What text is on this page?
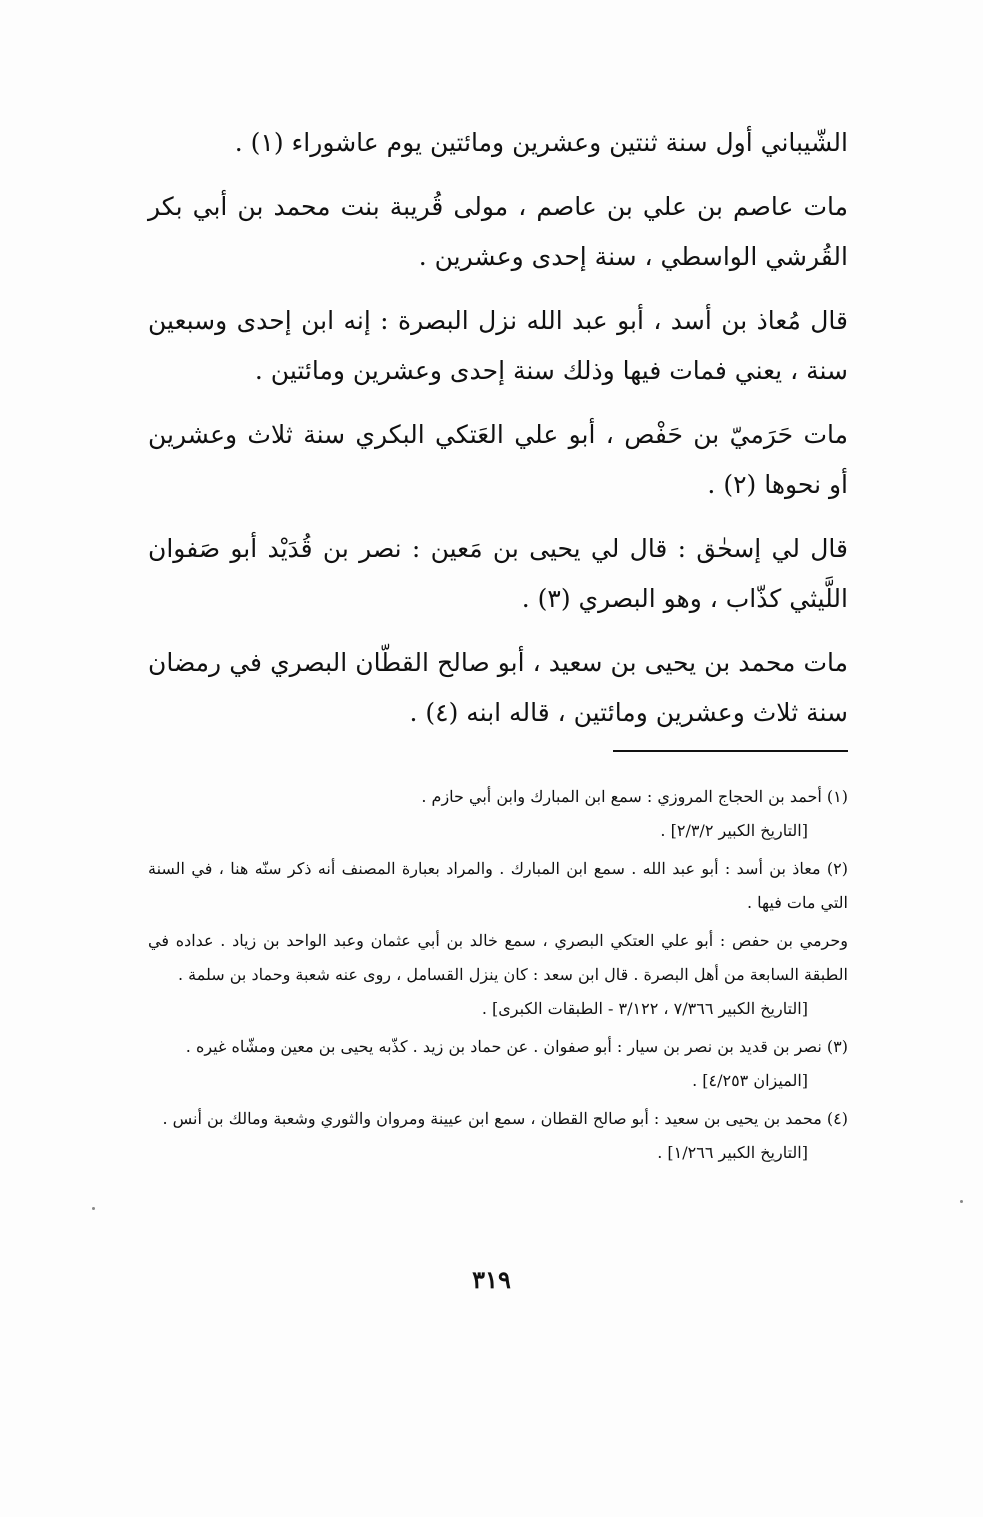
الشّيباني أول سنة ثنتين وعشرين ومائتين يوم عاشوراء (١) .

مات عاصم بن علي بن عاصم ، مولى قُريبة بنت محمد بن أبي بكر القُرشي الواسطي ، سنة إحدى وعشرين .

قال مُعاذ بن أسد ، أبو عبد الله نزل البصرة : إنه ابن إحدى وسبعين سنة ، يعني فمات فيها وذلك سنة إحدى وعشرين ومائتين .

مات حَرَميّ بن حَفْص ، أبو علي العَتكي البكري سنة ثلاث وعشرين أو نحوها (٢) .

قال لي إسحٰق : قال لي يحيى بن مَعين : نصر بن قُدَيْد أبو صَفوان اللَّيثي كذّاب ، وهو البصري (٣) .

مات محمد بن يحيى بن سعيد ، أبو صالح القطّان البصري في رمضان سنة ثلاث وعشرين ومائتين ، قاله ابنه (٤) .

(١) أحمد بن الحجاج المروزي : سمع ابن المبارك وابن أبي حازم .

[التاريخ الكبير ٢/٣/٢] .

(٢) معاذ بن أسد : أبو عبد الله . سمع ابن المبارك . والمراد بعبارة المصنف أنه ذكر سنّه هنا ، في السنة التي مات فيها .

وحرمي بن حفص : أبو علي العتكي البصري ، سمع خالد بن أبي عثمان وعبد الواحد بن زياد . عداده في الطبقة السابعة من أهل البصرة . قال ابن سعد : كان ينزل القسامل ، روى عنه شعبة وحماد بن سلمة .

[التاريخ الكبير ٧/٣٦٦ ، ٣/١٢٢ - الطبقات الكبرى] .

(٣) نصر بن قديد بن نصر بن سيار : أبو صفوان . عن حماد بن زيد . كذّبه يحيى بن معين ومشّاه غيره .

[الميزان ٤/٢٥٣] .

(٤) محمد بن يحيى بن سعيد : أبو صالح القطان ، سمع ابن عيينة ومروان والثوري وشعبة ومالك بن أنس .

[التاريخ الكبير ١/٢٦٦] .
٣١٩
